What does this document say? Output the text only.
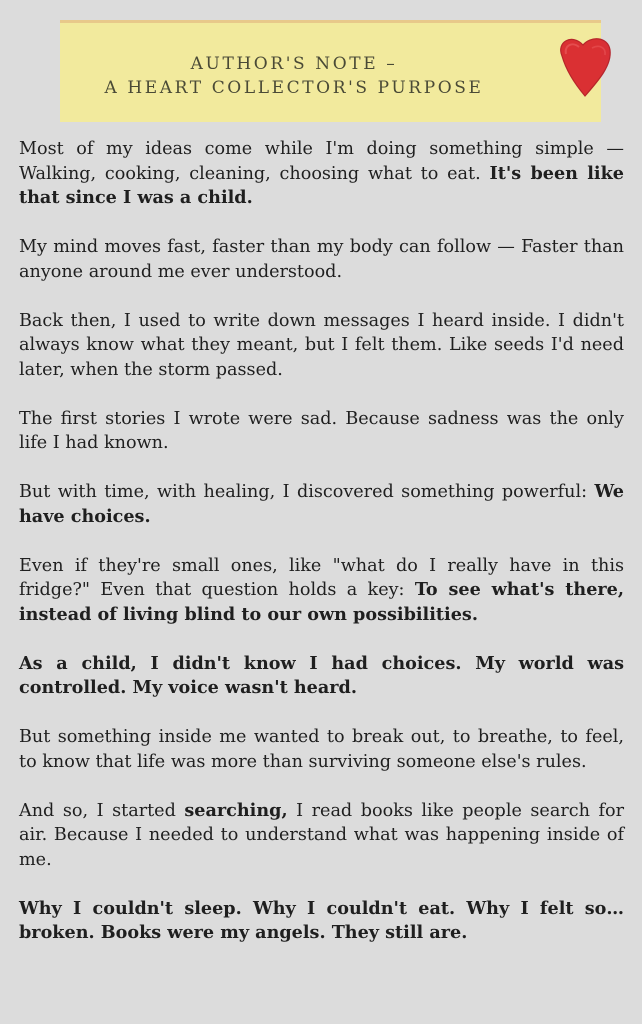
AUTHOR'S NOTE –
A HEART COLLECTOR'S PURPOSE

Most of my ideas come while I'm doing something simple — Walking, cooking, cleaning, choosing what to eat. It's been like that since I was a child.

My mind moves fast, faster than my body can follow — Faster than anyone around me ever understood.

Back then, I used to write down messages I heard inside. I didn't always know what they meant, but I felt them. Like seeds I'd need later, when the storm passed.

The first stories I wrote were sad. Because sadness was the only life I had known.

But with time, with healing, I discovered something powerful: We have choices.

Even if they're small ones, like "what do I really have in this fridge?" Even that question holds a key: To see what's there, instead of living blind to our own possibilities.

As a child, I didn't know I had choices. My world was controlled. My voice wasn't heard.

But something inside me wanted to break out, to breathe, to feel, to know that life was more than surviving someone else's rules.

And so, I started searching, I read books like people search for air. Because I needed to understand what was happening inside of me.

Why I couldn't sleep. Why I couldn't eat. Why I felt so… broken. Books were my angels. They still are.
